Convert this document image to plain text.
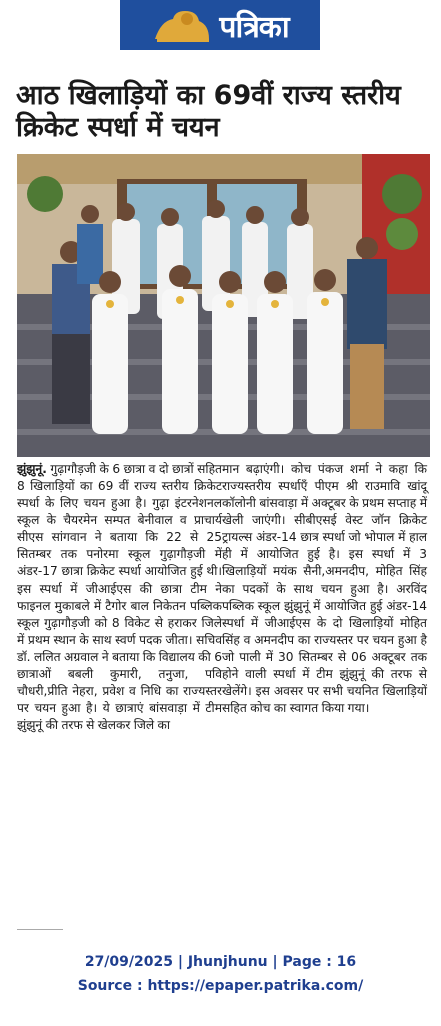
पत्रिका
आठ खिलाड़ियों का 69वीं राज्य स्तरीय
क्रिकेट स्पर्धा में चयन
झुंझुनूं. गुढ़ागौड़जी के 6 छात्रा व दो छात्रों सहित 8 खिलाड़ियों का 69 वीं राज्य स्तरीय क्रिकेट स्पर्धा के लिए चयन हुआ है। गुढ़ा इंटरनेशनल स्कूल के चैयरमेन सम्पत बेनीवाल व प्राचार्य सीएस सांगवान ने बताया कि 22 से 25 सितम्बर तक पनोरमा स्कूल गुढ़ागौड़जी में अंडर-17 छात्रा क्रिकेट स्पर्धा आयोजित हुई थी। इस स्पर्धा में जीआईएस की छात्रा टीम ने फाइनल मुकाबले में टैगोर बाल निकेतन पब्लिक स्कूल गुढ़ागौड़जी को 8 विकेट से हराकर जिले में प्रथम स्थान के साथ स्वर्ण पदक जीता। सचिव डॉ. ललित अग्रवाल ने बताया कि विद्यालय की 6 छात्राओं बबली कुमारी, तनुजा, पवि चौधरी,प्रीति नेहरा, प्रवेश व निधि का राज्यस्तर पर चयन हुआ है। ये छात्राएं बांसवाड़ा में टीम झुंझुनूं की तरफ से खेलकर जिले का
मान बढ़ाएंगी। कोच पंकज शर्मा ने कहा कि राज्यस्तरीय स्पर्धाएँ पीएम श्री राउमावि खांदू कॉलोनी बांसवाड़ा में अक्टूबर के प्रथम सप्ताह में खेली जाएंगी। सीबीएसई वेस्ट जॉन क्रिकेट ट्रायल्स अंडर-14 छात्र स्पर्धा जो भोपाल में हाल ही में आयोजित हुई है। इस स्पर्धा में 3 खिलाड़ियों मयंक सैनी,अमनदीप, मोहित सिंह का पदकों के साथ चयन हुआ है। अरविंद पब्लिक स्कूल झुंझुनूं में आयोजित हुई अंडर-14 स्पर्धा में जीआईएस के दो खिलाड़ियों मोहित सिंह व अमनदीप का राज्यस्तर पर चयन हुआ है जो पाली में 30 सितम्बर से 06 अक्टूबर तक होने वाली स्पर्धा में टीम झुंझुनूं की तरफ से खेलेंगे। इस अवसर पर सभी चयनित खिलाड़ियों सहित कोच का स्वागत किया गया।
27/09/2025 | Jhunjhunu | Page : 16
Source : https://epaper.patrika.com/
